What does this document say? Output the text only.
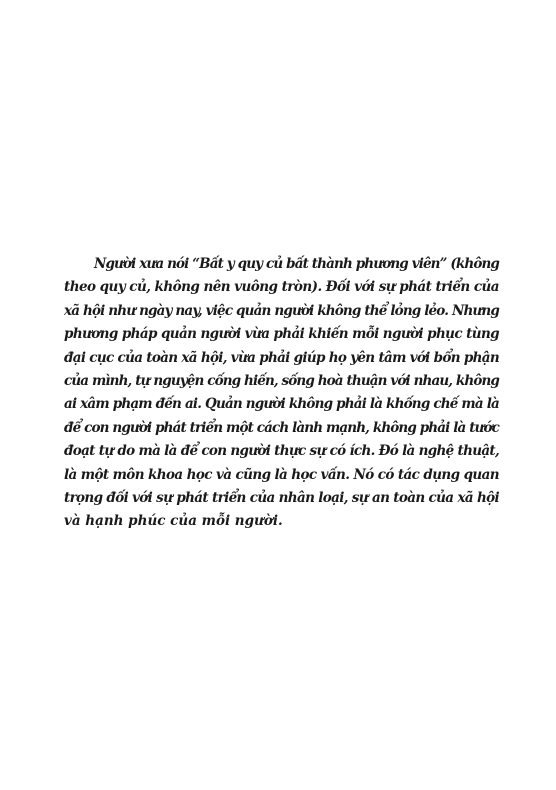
Người xưa nói “Bất y quy củ bất thành phương viên” (không
theo quy củ, không nên vuông tròn). Đối với sự phát triển của
xã hội như ngày nay, việc quản người không thể lỏng lẻo. Nhưng
phương pháp quản người vừa phải khiến mỗi người phục tùng
đại cục của toàn xã hội, vừa phải giúp họ yên tâm với bổn phận
của mình, tự nguyện cống hiến, sống hoà thuận với nhau, không
ai xâm phạm đến ai. Quản người không phải là khống chế mà là
để con người phát triển một cách lành mạnh, không phải là tước
đoạt tự do mà là để con người thực sự có ích. Đó là nghệ thuật,
là một môn khoa học và cũng là học vấn. Nó có tác dụng quan
trọng đối với sự phát triển của nhân loại, sự an toàn của xã hội
và hạnh phúc của mỗi người.
